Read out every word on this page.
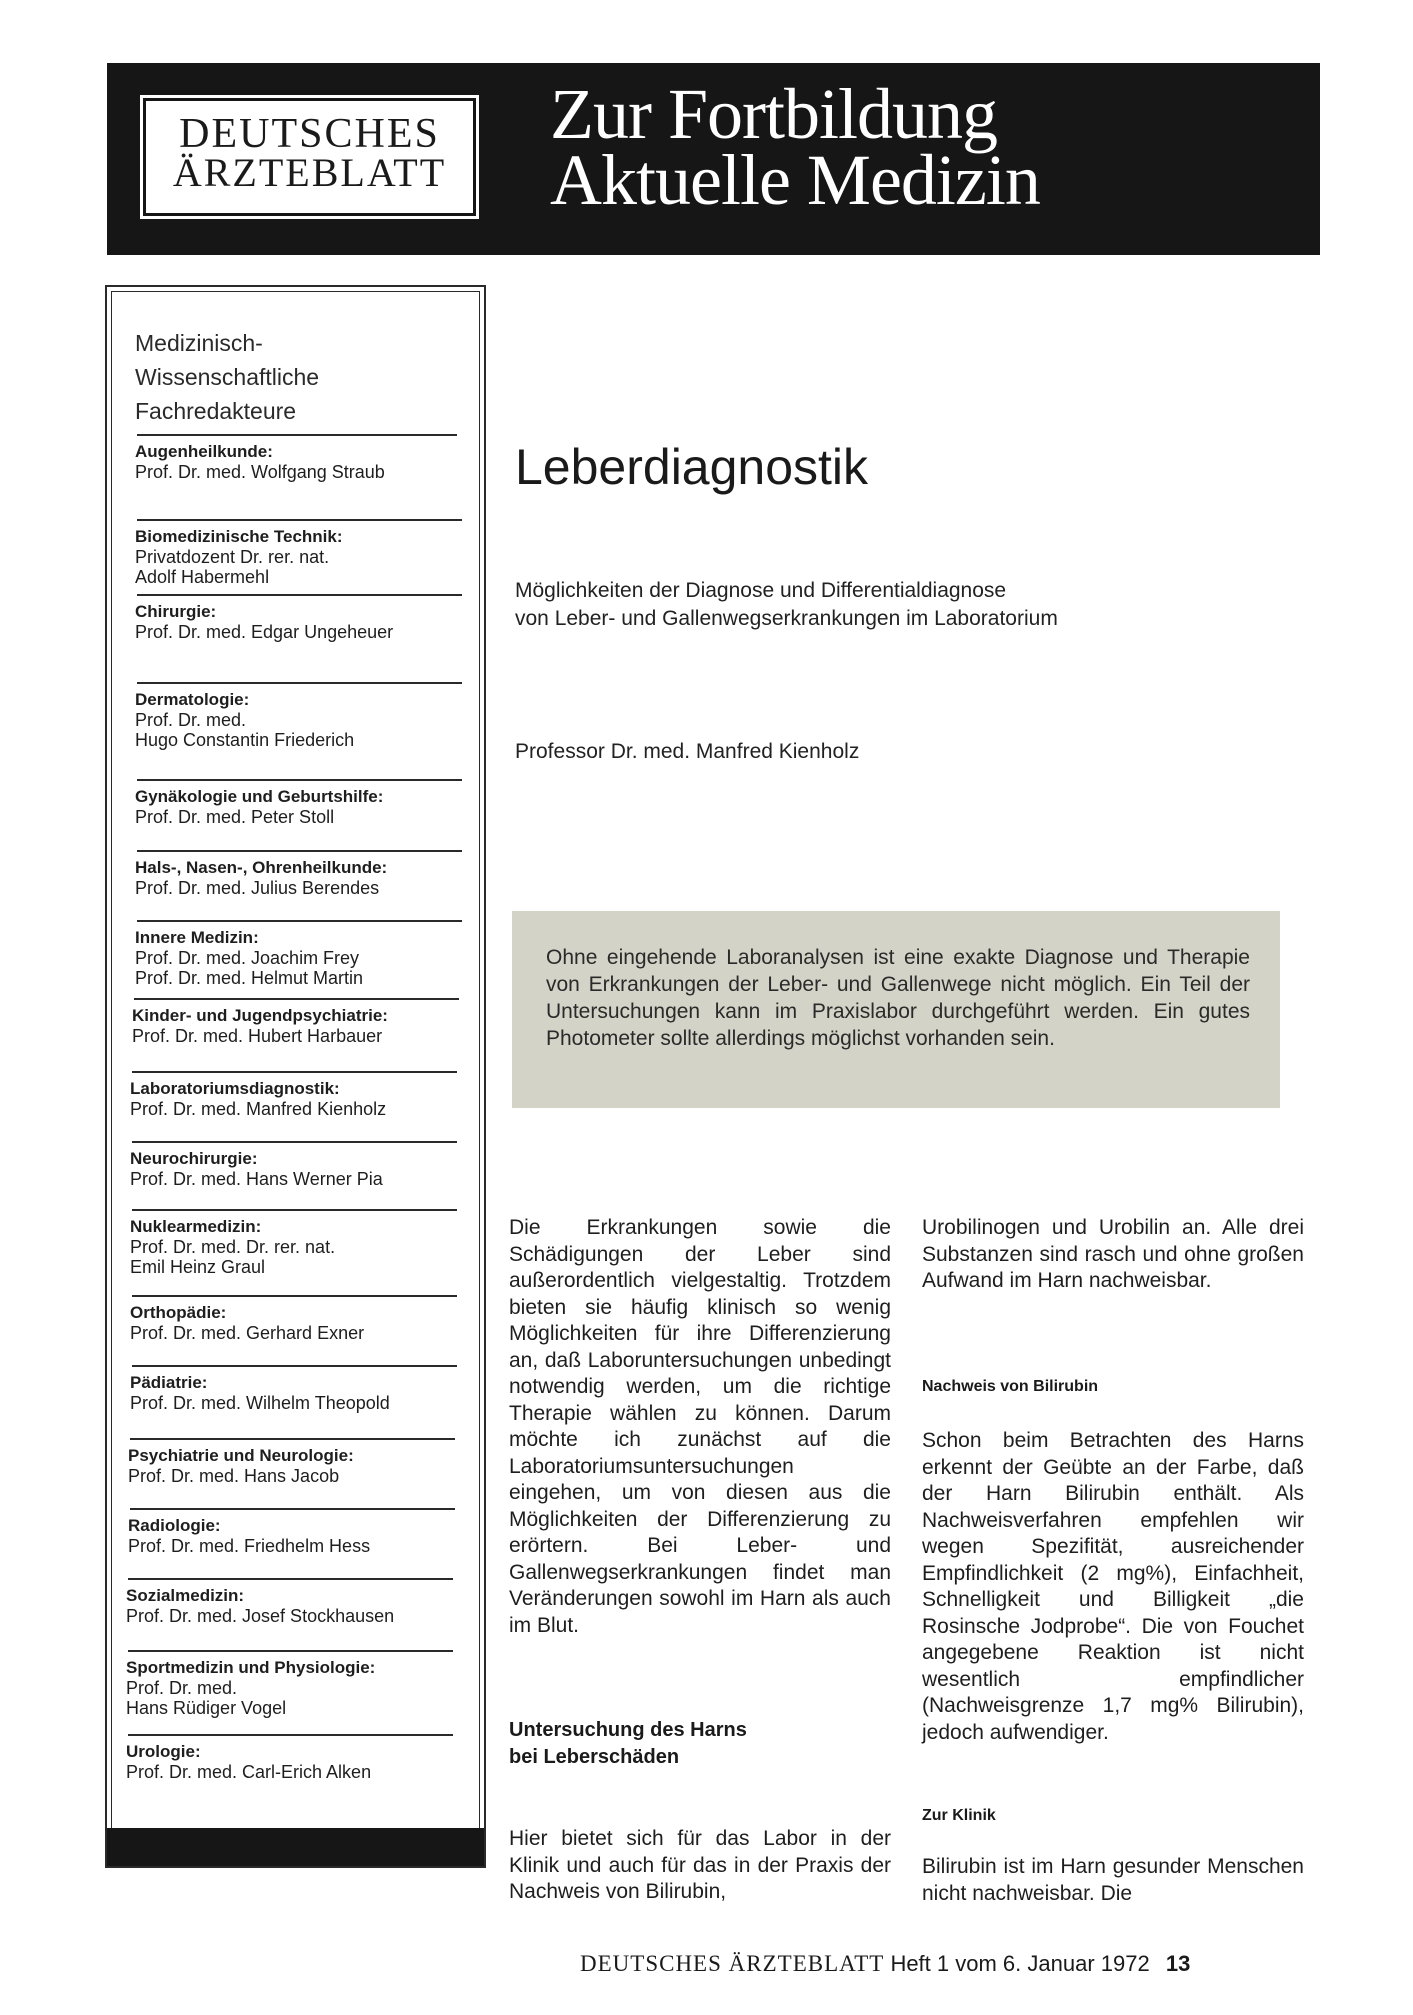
DEUTSCHES
ÄRZTEBLATT
Zur Fortbildung
Aktuelle Medizin
Medizinisch-
Wissenschaftliche
Fachredakteure
Augenheilkunde:
Prof. Dr. med. Wolfgang Straub
Biomedizinische Technik:
Privatdozent Dr. rer. nat.
Adolf Habermehl
Chirurgie:
Prof. Dr. med. Edgar Ungeheuer
Dermatologie:
Prof. Dr. med.
Hugo Constantin Friederich
Gynäkologie und Geburtshilfe:
Prof. Dr. med. Peter Stoll
Hals-, Nasen-, Ohrenheilkunde:
Prof. Dr. med. Julius Berendes
Innere Medizin:
Prof. Dr. med. Joachim Frey
Prof. Dr. med. Helmut Martin
Kinder- und Jugendpsychiatrie:
Prof. Dr. med. Hubert Harbauer
Laboratoriumsdiagnostik:
Prof. Dr. med. Manfred Kienholz
Neurochirurgie:
Prof. Dr. med. Hans Werner Pia
Nuklearmedizin:
Prof. Dr. med. Dr. rer. nat.
Emil Heinz Graul
Orthopädie:
Prof. Dr. med. Gerhard Exner
Pädiatrie:
Prof. Dr. med. Wilhelm Theopold
Psychiatrie und Neurologie:
Prof. Dr. med. Hans Jacob
Radiologie:
Prof. Dr. med. Friedhelm Hess
Sozialmedizin:
Prof. Dr. med. Josef Stockhausen
Sportmedizin und Physiologie:
Prof. Dr. med.
Hans Rüdiger Vogel
Urologie:
Prof. Dr. med. Carl-Erich Alken
Leberdiagnostik
Möglichkeiten der Diagnose und Differentialdiagnose
von Leber- und Gallenwegserkrankungen im Laboratorium
Professor Dr. med. Manfred Kienholz
Ohne eingehende Laboranalysen ist eine exakte Diagnose und Therapie von Erkrankungen der Leber- und Gallenwege nicht möglich. Ein Teil der Untersuchungen kann im Praxislabor durchgeführt werden. Ein gutes Photometer sollte allerdings möglichst vorhanden sein.
Die Erkrankungen sowie die Schädigungen der Leber sind außerordentlich vielgestaltig. Trotzdem bieten sie häufig klinisch so wenig Möglichkeiten für ihre Differenzierung an, daß Laboruntersuchungen unbedingt notwendig werden, um die richtige Therapie wählen zu können. Darum möchte ich zunächst auf die Laboratoriumsuntersuchungen eingehen, um von diesen aus die Möglichkeiten der Differenzierung zu erörtern. Bei Leber- und Gallenwegserkrankungen findet man Veränderungen sowohl im Harn als auch im Blut.
Untersuchung des Harns
bei Leberschäden
Hier bietet sich für das Labor in der Klinik und auch für das in der Praxis der Nachweis von Bilirubin,
Urobilinogen und Urobilin an. Alle drei Substanzen sind rasch und ohne großen Aufwand im Harn nachweisbar.
Nachweis von Bilirubin
Schon beim Betrachten des Harns erkennt der Geübte an der Farbe, daß der Harn Bilirubin enthält. Als Nachweisverfahren empfehlen wir wegen Spezifität, ausreichender Empfindlichkeit (2 mg%), Einfachheit, Schnelligkeit und Billigkeit „die Rosinsche Jodprobe“. Die von Fouchet angegebene Reaktion ist nicht wesentlich empfindlicher (Nachweisgrenze 1,7 mg% Bilirubin), jedoch aufwendiger.
Zur Klinik
Bilirubin ist im Harn gesunder Menschen nicht nachweisbar. Die
DEUTSCHES ÄRZTEBLATT Heft 1 vom 6. Januar 1972 13
